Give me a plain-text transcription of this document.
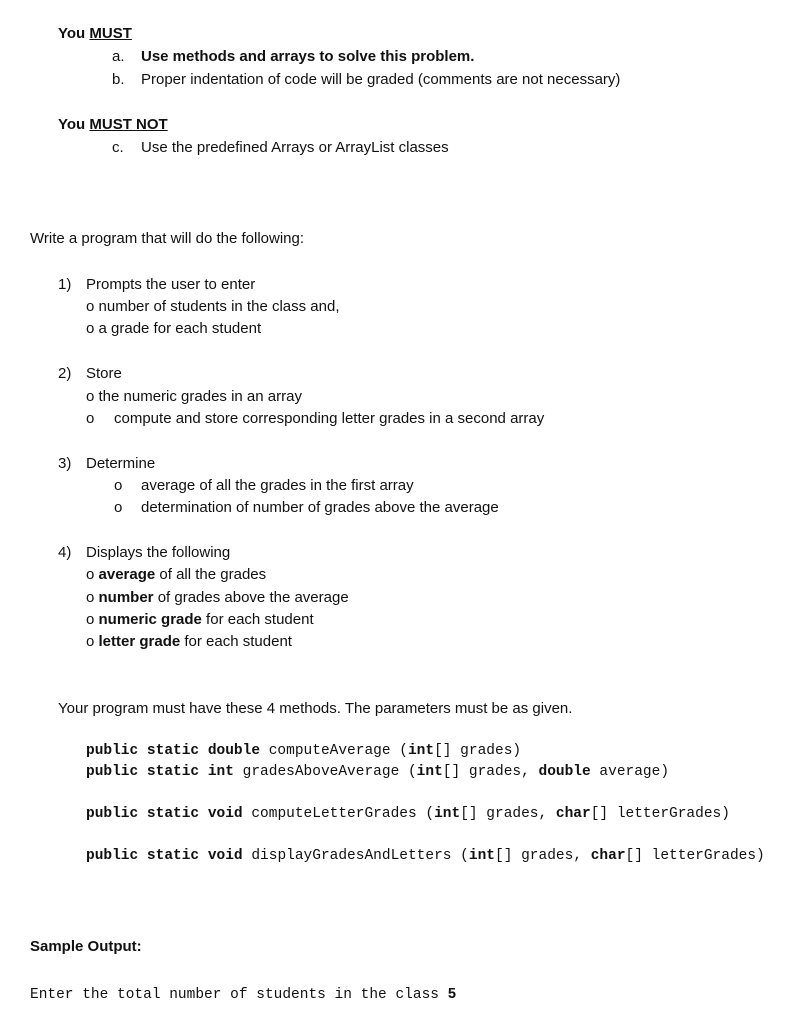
You MUST
a. Use methods and arrays to solve this problem.
b. Proper indentation of code will be graded (comments are not necessary)
You MUST NOT
c. Use the predefined Arrays or ArrayList classes
Write a program that will do the following:
1) Prompts the user to enter
o number of students in the class and,
o a grade for each student
2) Store
o the numeric grades in an array
o compute and store corresponding letter grades in a second array
3) Determine
o average of all the grades in the first array
o determination of number of grades above the average
4) Displays the following
o average of all the grades
o number of grades above the average
o numeric grade for each student
o letter grade for each student
Your program must have these 4 methods. The parameters must be as given.
public static double computeAverage (int[] grades)
public static int gradesAboveAverage (int[] grades, double average)
public static void computeLetterGrades (int[] grades, char[] letterGrades)
public static void displayGradesAndLetters (int[] grades, char[] letterGrades)
Sample Output:
Enter the total number of students in the class 5
